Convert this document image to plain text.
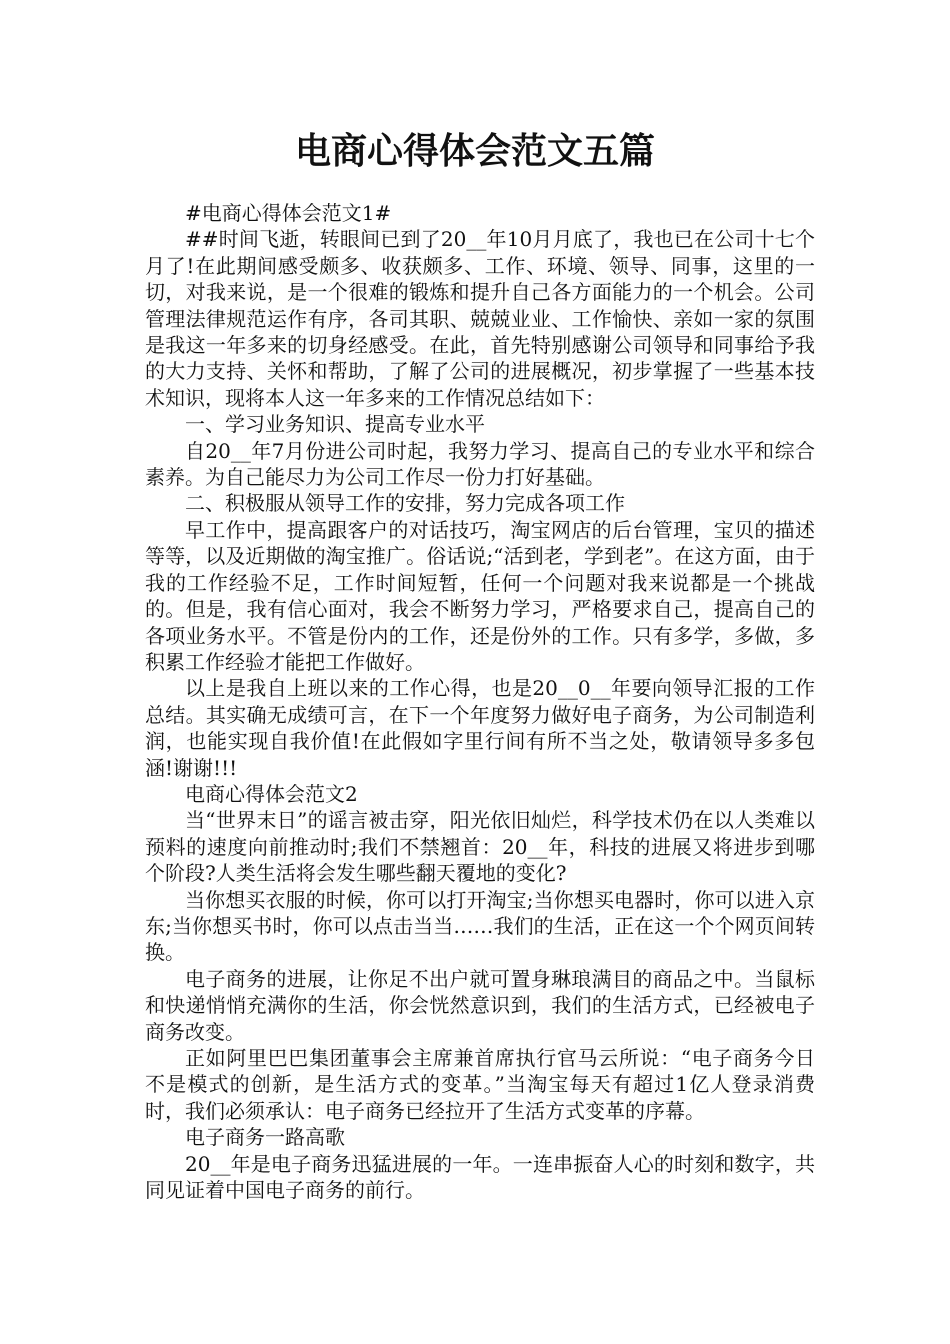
电商心得体会范文五篇

#电商心得体会范文1#

##时间飞逝，转眼间已到了20__年10月月底了，我也已在公司十七个月了!在此期间感受颇多、收获颇多、工作、环境、领导、同事，这里的一切，对我来说，是一个很难的锻炼和提升自己各方面能力的一个机会。公司管理法律规范运作有序，各司其职、兢兢业业、工作愉快、亲如一家的氛围是我这一年多来的切身经感受。在此，首先特别感谢公司领导和同事给予我的大力支持、关怀和帮助，了解了公司的进展概况，初步掌握了一些基本技术知识，现将本人这一年多来的工作情况总结如下：

一、学习业务知识、提高专业水平

自20__年7月份进公司时起，我努力学习、提高自己的专业水平和综合素养。为自己能尽力为公司工作尽一份力打好基础。

二、积极服从领导工作的安排，努力完成各项工作

早工作中，提高跟客户的对话技巧，淘宝网店的后台管理，宝贝的描述等等，以及近期做的淘宝推广。俗话说;“活到老，学到老”。在这方面，由于我的工作经验不足，工作时间短暂，任何一个问题对我来说都是一个挑战的。但是，我有信心面对，我会不断努力学习，严格要求自己，提高自己的各项业务水平。不管是份内的工作，还是份外的工作。只有多学，多做，多积累工作经验才能把工作做好。

以上是我自上班以来的工作心得，也是20__0__年要向领导汇报的工作总结。其实确无成绩可言，在下一个年度努力做好电子商务，为公司制造利润，也能实现自我价值!在此假如字里行间有所不当之处，敬请领导多多包涵!谢谢!!!

电商心得体会范文2

当“世界末日”的谣言被击穿，阳光依旧灿烂，科学技术仍在以人类难以预料的速度向前推动时;我们不禁翘首：20__年，科技的进展又将进步到哪个阶段?人类生活将会发生哪些翻天覆地的变化?

当你想买衣服的时候，你可以打开淘宝;当你想买电器时，你可以进入京东;当你想买书时，你可以点击当当……我们的生活，正在这一个个网页间转换。

电子商务的进展，让你足不出户就可置身琳琅满目的商品之中。当鼠标和快递悄悄充满你的生活，你会恍然意识到，我们的生活方式，已经被电子商务改变。

正如阿里巴巴集团董事会主席兼首席执行官马云所说：“电子商务今日不是模式的创新，是生活方式的变革。”当淘宝每天有超过1亿人登录消费时，我们必须承认：电子商务已经拉开了生活方式变革的序幕。

电子商务一路高歌

20__年是电子商务迅猛进展的一年。一连串振奋人心的时刻和数字，共同见证着中国电子商务的前行。
